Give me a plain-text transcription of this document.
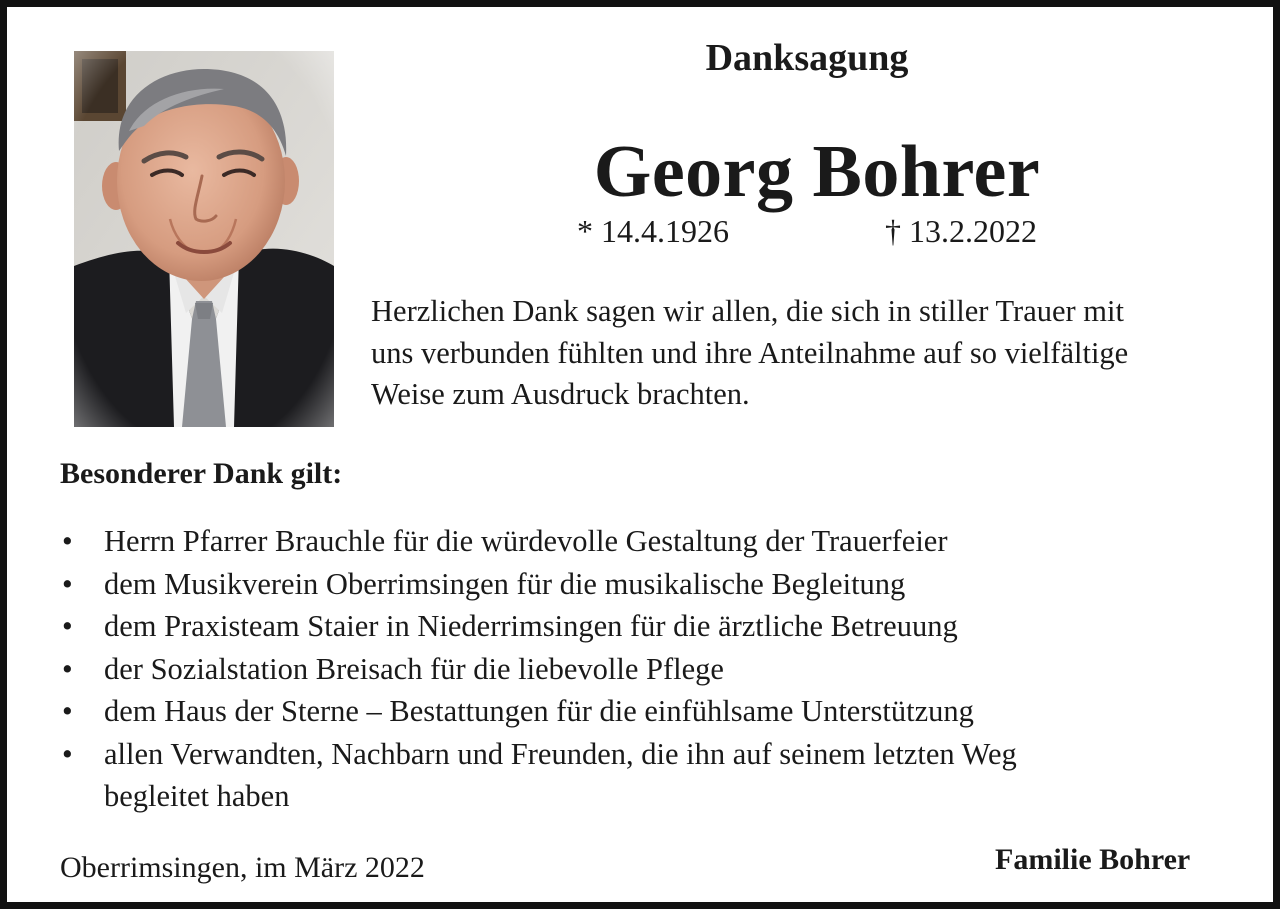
Danksagung
Georg Bohrer
* 14.4.1926	† 13.2.2022
Herzlichen Dank sagen wir allen, die sich in stiller Trauer mit
uns verbunden fühlten und ihre Anteilnahme auf so vielfältige
Weise zum Ausdruck brachten.
Besonderer Dank gilt:
• Herrn Pfarrer Brauchle für die würdevolle Gestaltung der Trauerfeier
• dem Musikverein Oberrimsingen für die musikalische Begleitung
• dem Praxisteam Staier in Niederrimsingen für die ärztliche Betreuung
• der Sozialstation Breisach für die liebevolle Pflege
• dem Haus der Sterne – Bestattungen für die einfühlsame Unterstützung
• allen Verwandten, Nachbarn und Freunden, die ihn auf seinem letzten Weg
begleitet haben
Oberrimsingen, im März 2022	Familie Bohrer
